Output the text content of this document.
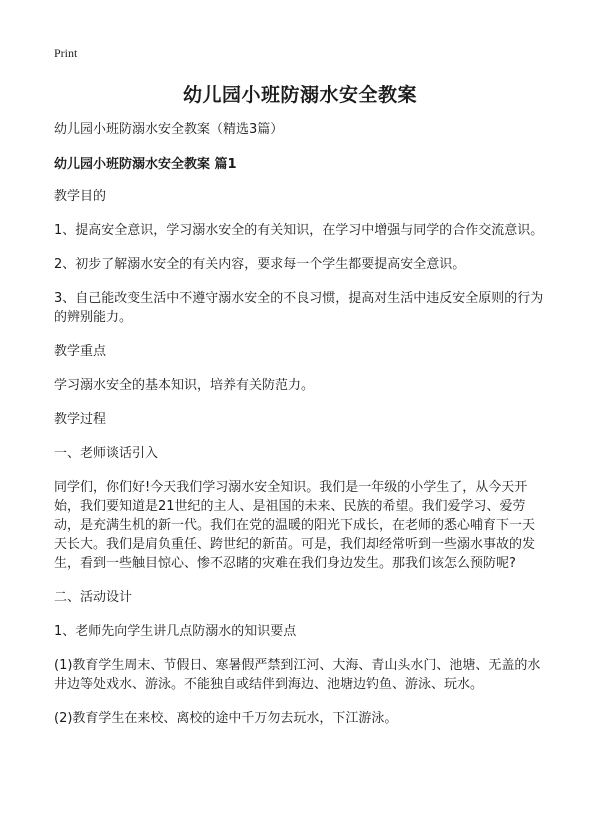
Print
幼儿园小班防溺水安全教案

幼儿园小班防溺水安全教案（精选3篇）

幼儿园小班防溺水安全教案 篇1

教学目的

1、提高安全意识，学习溺水安全的有关知识，在学习中增强与同学的合作交流意识。

2、初步了解溺水安全的有关内容，要求每一个学生都要提高安全意识。

3、自己能改变生活中不遵守溺水安全的不良习惯，提高对生活中违反安全原则的行为的辨别能力。

教学重点

学习溺水安全的基本知识，培养有关防范力。

教学过程

一、老师谈话引入

同学们，你们好!今天我们学习溺水安全知识。我们是一年级的小学生了，从今天开始，我们要知道是21世纪的主人、是祖国的未来、民族的希望。我们爱学习、爱劳动，是充满生机的新一代。我们在党的温暖的阳光下成长，在老师的悉心哺育下一天天长大。我们是肩负重任、跨世纪的新苗。可是，我们却经常听到一些溺水事故的发生，看到一些触目惊心、惨不忍睹的灾难在我们身边发生。那我们该怎么预防呢?

二、活动设计

1、老师先向学生讲几点防溺水的知识要点

(1)教育学生周末、节假日、寒暑假严禁到江河、大海、青山头水门、池塘、无盖的水井边等处戏水、游泳。不能独自或结伴到海边、池塘边钓鱼、游泳、玩水。

(2)教育学生在来校、离校的途中千万勿去玩水，下江游泳。
